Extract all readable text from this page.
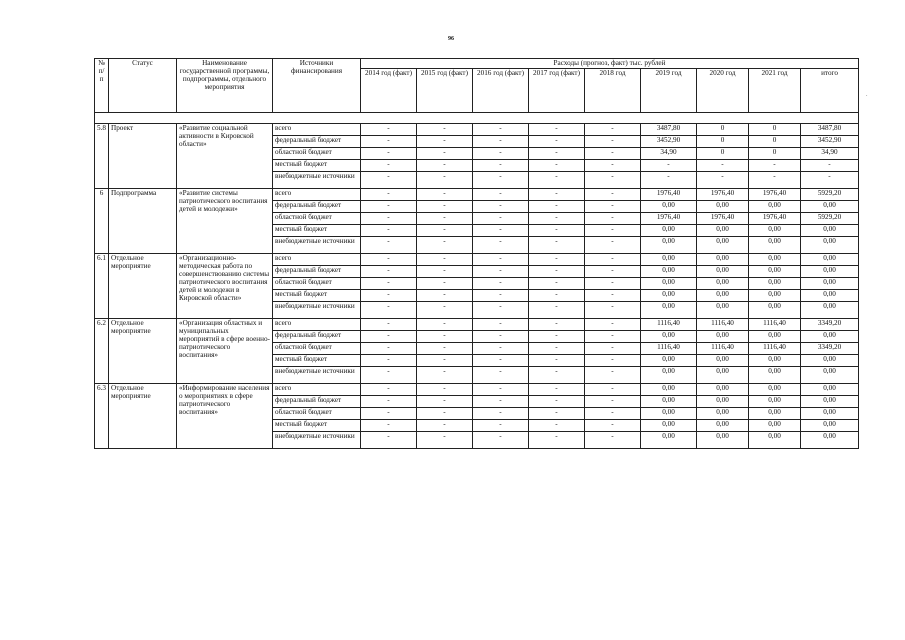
96
№ п/п	Статус	Наименование государственной программы, подпрограммы, отдельного мероприятия	Источники финансирования	Расходы (прогноз, факт) тыс. рублей								
				2014 год (факт)	2015 год (факт)	2016 год (факт)	2017 год (факт)	2018 год	2019 год	2020 год	2021 год	итого

5.8	Проект	«Развитие социальной активности в Кировской области»	всего	-	-	-	-	-	3487,80	0	0	3487,80
			федеральный бюджет	-	-	-	-	-	3452,90	0	0	3452,90
			областной бюджет	-	-	-	-	-	34,90	0	0	34,90
			местный бюджет	-	-	-	-	-	-	-	-	-
			внебюджетные источники	-	-	-	-	-	-	-	-	-
6	Подпрограмма	«Развитие системы патриотического воспитания детей и молодежи»	всего	-	-	-	-	-	1976,40	1976,40	1976,40	5929,20
			федеральный бюджет	-	-	-	-	-	0,00	0,00	0,00	0,00
			областной бюджет	-	-	-	-	-	1976,40	1976,40	1976,40	5929,20
			местный бюджет	-	-	-	-	-	0,00	0,00	0,00	0,00
			внебюджетные источники	-	-	-	-	-	0,00	0,00	0,00	0,00
6.1	Отдельное мероприятие	«Организационно-методическая работа по совершенствованию системы патриотического воспитания детей и молодежи в Кировской области»	всего	-	-	-	-	-	0,00	0,00	0,00	0,00
			федеральный бюджет	-	-	-	-	-	0,00	0,00	0,00	0,00
			областной бюджет	-	-	-	-	-	0,00	0,00	0,00	0,00
			местный бюджет	-	-	-	-	-	0,00	0,00	0,00	0,00
			внебюджетные источники	-	-	-	-	-	0,00	0,00	0,00	0,00
6.2	Отдельное мероприятие	«Организация областных и муниципальных мероприятий в сфере военно-патриотического воспитания»	всего	-	-	-	-	-	1116,40	1116,40	1116,40	3349,20
			федеральный бюджет	-	-	-	-	-	0,00	0,00	0,00	0,00
			областной бюджет	-	-	-	-	-	1116,40	1116,40	1116,40	3349,20
			местный бюджет	-	-	-	-	-	0,00	0,00	0,00	0,00
			внебюджетные источники	-	-	-	-	-	0,00	0,00	0,00	0,00
6.3	Отдельное мероприятие	«Информирование населения о мероприятиях в сфере патриотического воспитания»	всего	-	-	-	-	-	0,00	0,00	0,00	0,00
			федеральный бюджет	-	-	-	-	-	0,00	0,00	0,00	0,00
			областной бюджет	-	-	-	-	-	0,00	0,00	0,00	0,00
			местный бюджет	-	-	-	-	-	0,00	0,00	0,00	0,00
			внебюджетные источники	-	-	-	-	-	0,00	0,00	0,00	0,00
.
